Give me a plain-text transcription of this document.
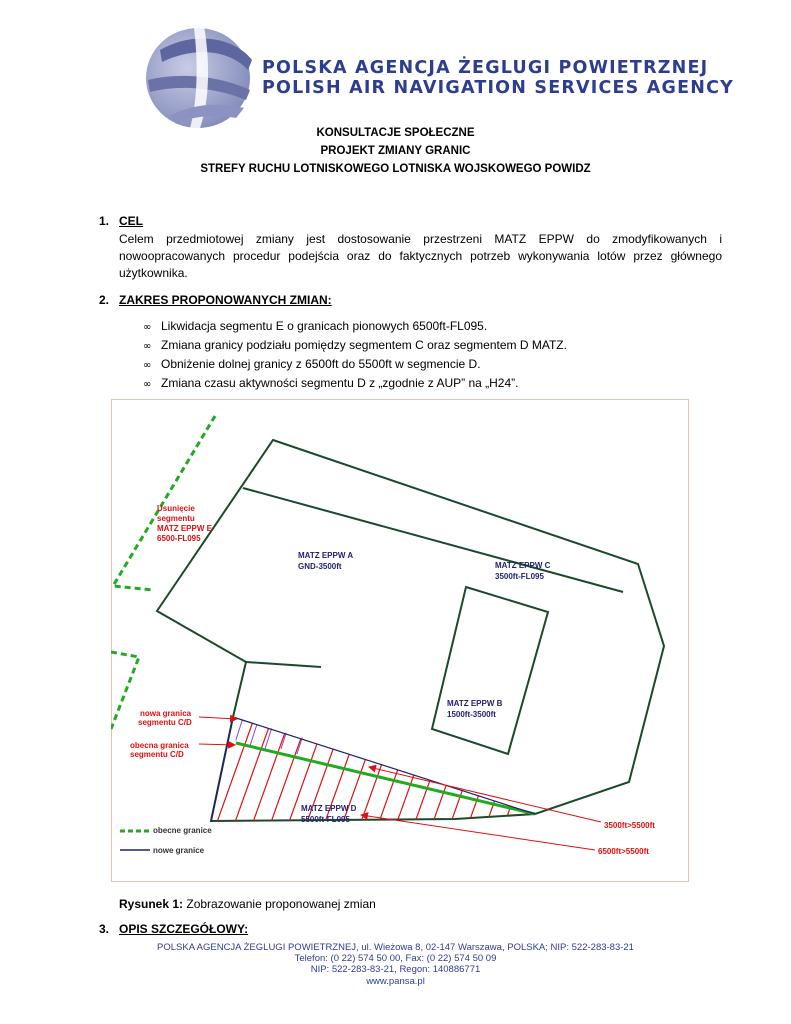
POLSKA AGENCJA ŻEGLUGI POWIETRZNEJ
POLISH AIR NAVIGATION SERVICES AGENCY
KONSULTACJE SPOŁECZNE
PROJEKT ZMIANY GRANIC
STREFY RUCHU LOTNISKOWEGO LOTNISKA WOJSKOWEGO POWIDZ
1. CEL

Celem przedmiotowej zmiany jest dostosowanie przestrzeni MATZ EPPW do zmodyfikowanych i nowoopracowanych procedur podejścia oraz do faktycznych potrzeb wykonywania lotów przez głównego użytkownika.

2. ZAKRES PROPONOWANYCH ZMIAN:
∞ Likwidacja segmentu E o granicach pionowych 6500ft-FL095.
∞ Zmiana granicy podziału pomiędzy segmentem C oraz segmentem D MATZ.
∞ Obniżenie dolnej granicy z 6500ft do 5500ft w segmencie D.
∞ Zmiana czasu aktywności segmentu D z „zgodnie z AUP” na „H24”.
Usunięcie segmentu MATZ EPPW E 6500-FL095
MATZ EPPW A GND-3500ft	MATZ EPPW C 3500ft-FL095
MATZ EPPW B 1500ft-3500ft
MATZ EPPW D 5500ft-FL095
nowa granica segmentu C/D
obecna granica segmentu C/D
3500ft>5500ft
6500ft>5500ft
obecne granice
nowe granice
Rysunek 1: Zobrazowanie proponowanej zmian
3. OPIS SZCZEGÓŁOWY:
POLSKA AGENCJA ŻEGLUGI POWIETRZNEJ, ul. Wieżowa 8, 02-147 Warszawa, POLSKA; NIP: 522-283-83-21
Telefon: (0 22) 574 50 00, Fax: (0 22) 574 50 09
NIP: 522-283-83-21, Regon: 140886771
www.pansa.pl
